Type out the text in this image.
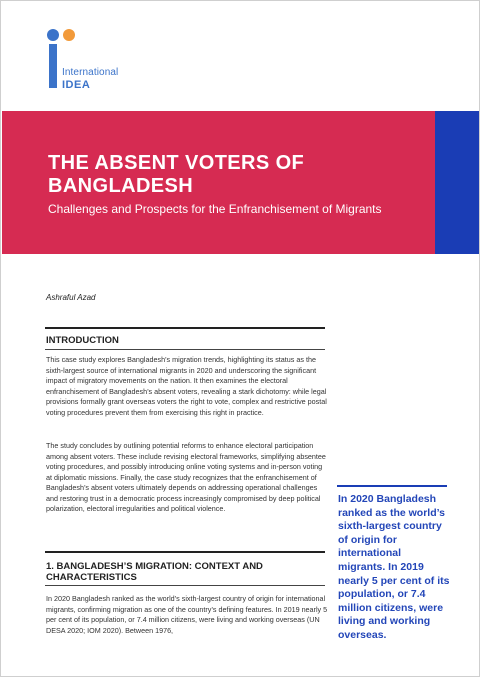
International
IDEA
THE ABSENT VOTERS OF BANGLADESH
Challenges and Prospects for the Enfranchisement of Migrants
Ashraful Azad
INTRODUCTION
This case study explores Bangladesh’s migration trends, highlighting its status as the sixth-largest source of international migrants in 2020 and underscoring the significant impact of migratory movements on the nation. It then examines the electoral enfranchisement of Bangladesh’s absent voters, revealing a stark dichotomy: while legal provisions formally grant overseas voters the right to vote, complex and restrictive postal voting procedures prevent them from exercising this right in practice.
The study concludes by outlining potential reforms to enhance electoral participation among absent voters. These include revising electoral frameworks, simplifying absentee voting procedures, and possibly introducing online voting systems and in-person voting at diplomatic missions. Finally, the case study recognizes that the enfranchisement of Bangladesh’s absent voters ultimately depends on addressing operational challenges and restoring trust in a democratic process increasingly compromised by deep political polarization, electoral irregularities and political violence.
1. BANGLADESH’S MIGRATION: CONTEXT AND CHARACTERISTICS
In 2020 Bangladesh ranked as the world’s sixth-largest country of origin for international migrants, confirming migration as one of the country’s defining features. In 2019 nearly 5 per cent of its population, or 7.4 million citizens, were living and working overseas (UN DESA 2020; IOM 2020). Between 1976,
In 2020 Bangladesh ranked as the world’s sixth-largest country of origin for international migrants. In 2019 nearly 5 per cent of its population, or 7.4 million citizens, were living and working overseas.
